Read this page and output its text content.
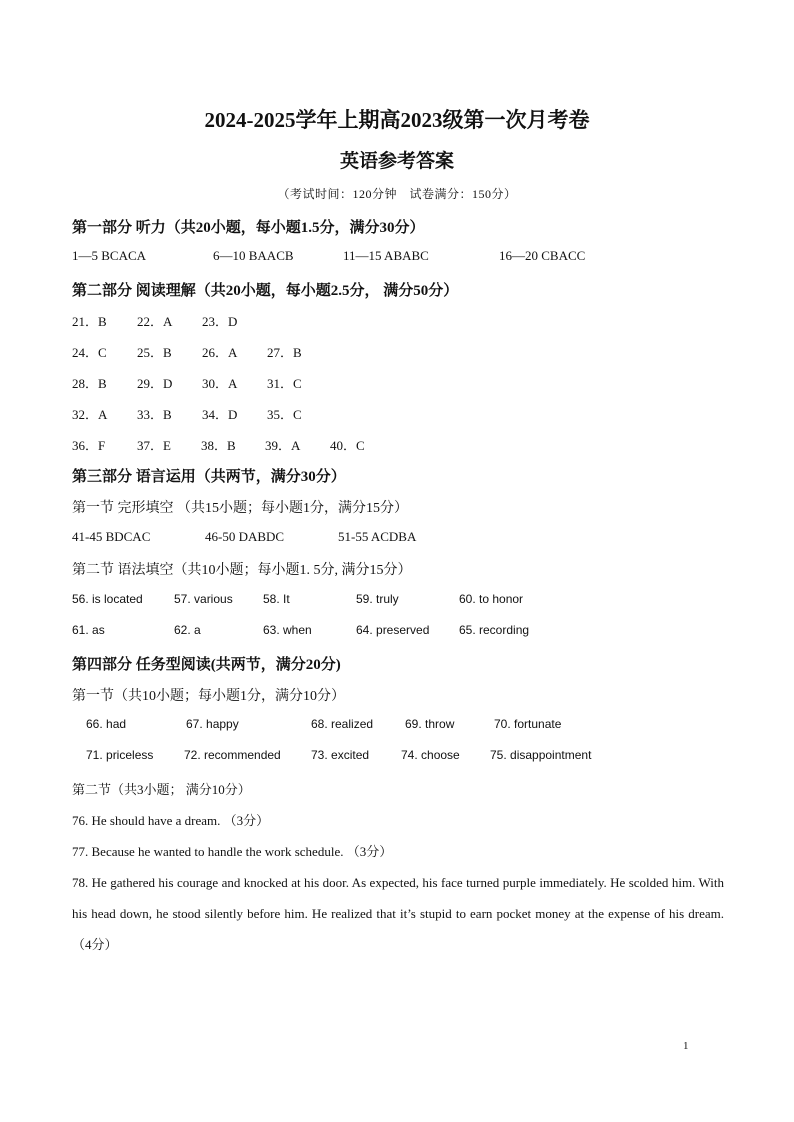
2024-2025学年上期高2023级第一次月考卷
英语参考答案
（考试时间：120分钟　试卷满分：150分）
第一部分 听力（共20小题，每小题1.5分，满分30分）
1—5 BCACA	6—10 BAACB	11—15 ABABC	16—20 CBACC
第二部分 阅读理解（共20小题，每小题2.5分， 满分50分）
21．B 22．A 23．D
24．C 25．B 26．A 27．B
28．B 29．D 30．A 31．C
32．A 33．B 34．D 35．C
36．F 37．E 38．B 39．A 40．C
第三部分 语言运用（共两节，满分30分）
第一节 完形填空 （共15小题；每小题1分，满分15分）
41-45 BDCAC	46-50 DABDC	51-55 ACDBA
第二节 语法填空（共10小题；每小题1. 5分, 满分15分）
56. is located	57. various	58. It	59. truly	60. to honor
61. as	62. a	63. when	64. preserved 65. recording
第四部分 任务型阅读(共两节，满分20分)
第一节（共10小题；每小题1分，满分10分）
66. had	67. happy	68. realized	69. throw	70. fortunate
71. priceless	72. recommended	73. excited	74. choose	75. disappointment
第二节（共3小题； 满分10分）
76. He should have a dream. （3分）
77. Because he wanted to handle the work schedule. （3分）
78. He gathered his courage and knocked at his door. As expected, his face turned purple immediately. He scolded him. With his head down, he stood silently before him. He realized that it’s stupid to earn pocket money at the expense of his dream.（4分）
1
